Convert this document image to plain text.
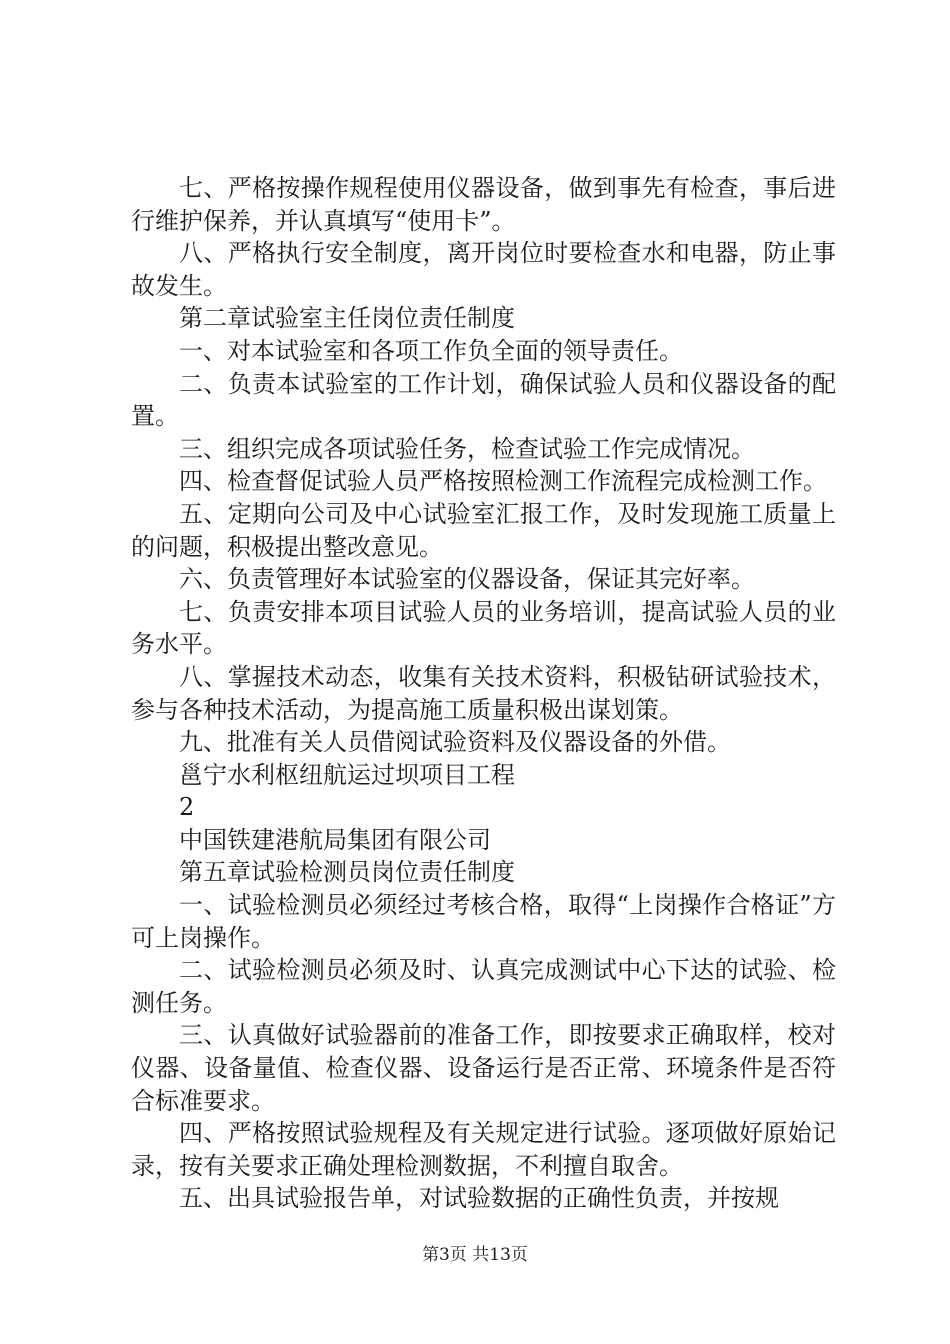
七、严格按操作规程使用仪器设备，做到事先有检查，事后进行维护保养，并认真填写“使用卡”。

八、严格执行安全制度，离开岗位时要检查水和电器，防止事故发生。

第二章试验室主任岗位责任制度

一、对本试验室和各项工作负全面的领导责任。

二、负责本试验室的工作计划，确保试验人员和仪器设备的配置。

三、组织完成各项试验任务，检查试验工作完成情况。

四、检查督促试验人员严格按照检测工作流程完成检测工作。

五、定期向公司及中心试验室汇报工作，及时发现施工质量上的问题，积极提出整改意见。

六、负责管理好本试验室的仪器设备，保证其完好率。

七、负责安排本项目试验人员的业务培训，提高试验人员的业务水平。

八、掌握技术动态，收集有关技术资料，积极钻研试验技术，参与各种技术活动，为提高施工质量积极出谋划策。

九、批准有关人员借阅试验资料及仪器设备的外借。

邕宁水利枢纽航运过坝项目工程

2

中国铁建港航局集团有限公司

第五章试验检测员岗位责任制度

一、试验检测员必须经过考核合格，取得“上岗操作合格证”方可上岗操作。

二、试验检测员必须及时、认真完成测试中心下达的试验、检测任务。

三、认真做好试验器前的准备工作，即按要求正确取样，校对仪器、设备量值、检查仪器、设备运行是否正常、环境条件是否符合标准要求。

四、严格按照试验规程及有关规定进行试验。逐项做好原始记录，按有关要求正确处理检测数据，不利擅自取舍。

五、出具试验报告单，对试验数据的正确性负责，并按规

第3页 共13页
